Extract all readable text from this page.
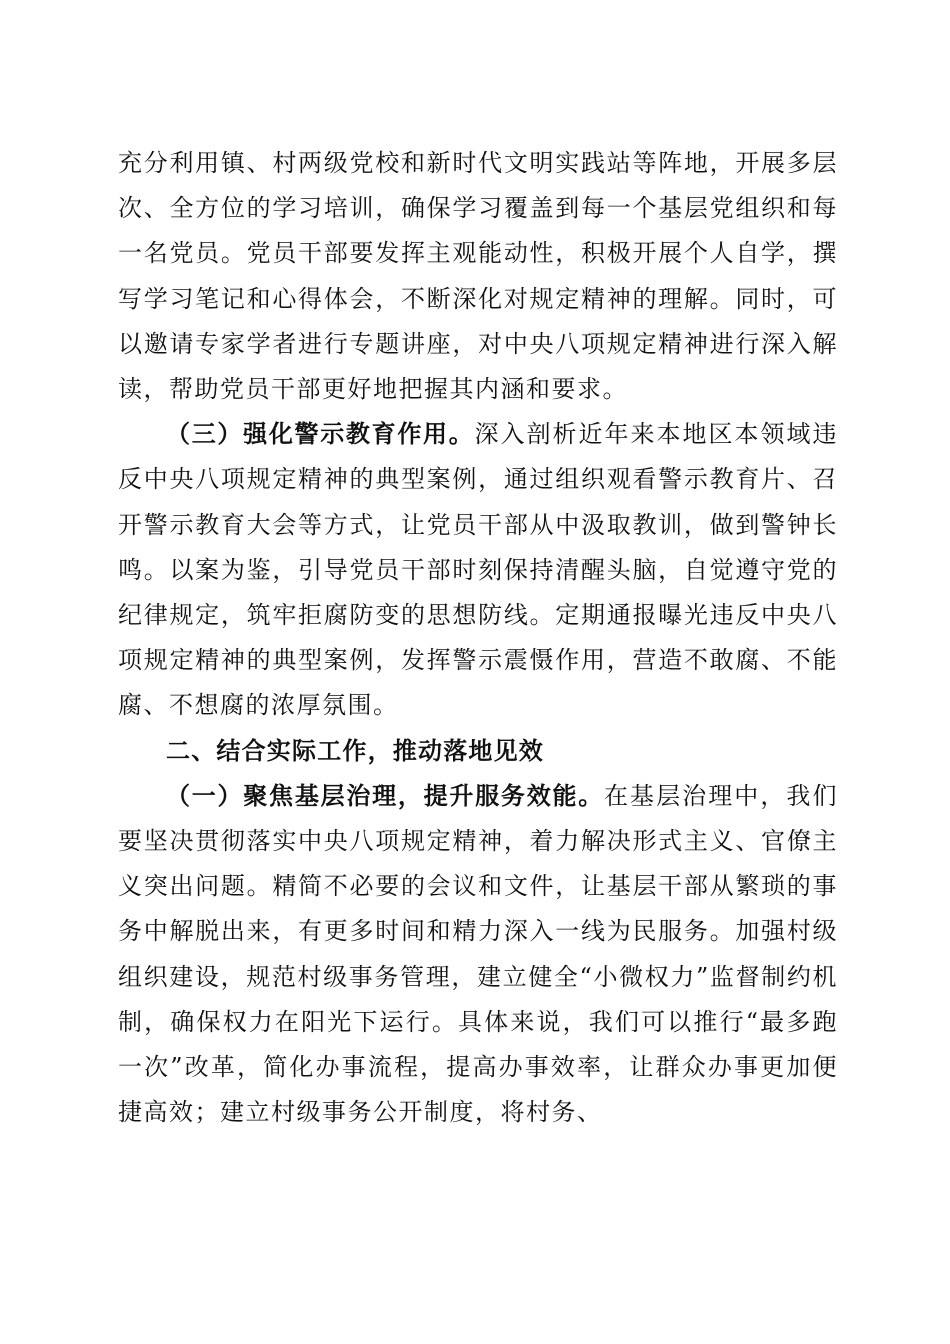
充分利用镇、村两级党校和新时代文明实践站等阵地，开展多层次、全方位的学习培训，确保学习覆盖到每一个基层党组织和每一名党员。党员干部要发挥主观能动性，积极开展个人自学，撰写学习笔记和心得体会，不断深化对规定精神的理解。同时，可以邀请专家学者进行专题讲座，对中央八项规定精神进行深入解读，帮助党员干部更好地把握其内涵和要求。

（三）强化警示教育作用。深入剖析近年来本地区本领域违反中央八项规定精神的典型案例，通过组织观看警示教育片、召开警示教育大会等方式，让党员干部从中汲取教训，做到警钟长鸣。以案为鉴，引导党员干部时刻保持清醒头脑，自觉遵守党的纪律规定，筑牢拒腐防变的思想防线。定期通报曝光违反中央八项规定精神的典型案例，发挥警示震慑作用，营造不敢腐、不能腐、不想腐的浓厚氛围。

二、结合实际工作，推动落地见效

（一）聚焦基层治理，提升服务效能。在基层治理中，我们要坚决贯彻落实中央八项规定精神，着力解决形式主义、官僚主义突出问题。精简不必要的会议和文件，让基层干部从繁琐的事务中解脱出来，有更多时间和精力深入一线为民服务。加强村级组织建设，规范村级事务管理，建立健全“小微权力”监督制约机制，确保权力在阳光下运行。具体来说，我们可以推行“最多跑一次”改革，简化办事流程，提高办事效率，让群众办事更加便捷高效；建立村级事务公开制度，将村务、
